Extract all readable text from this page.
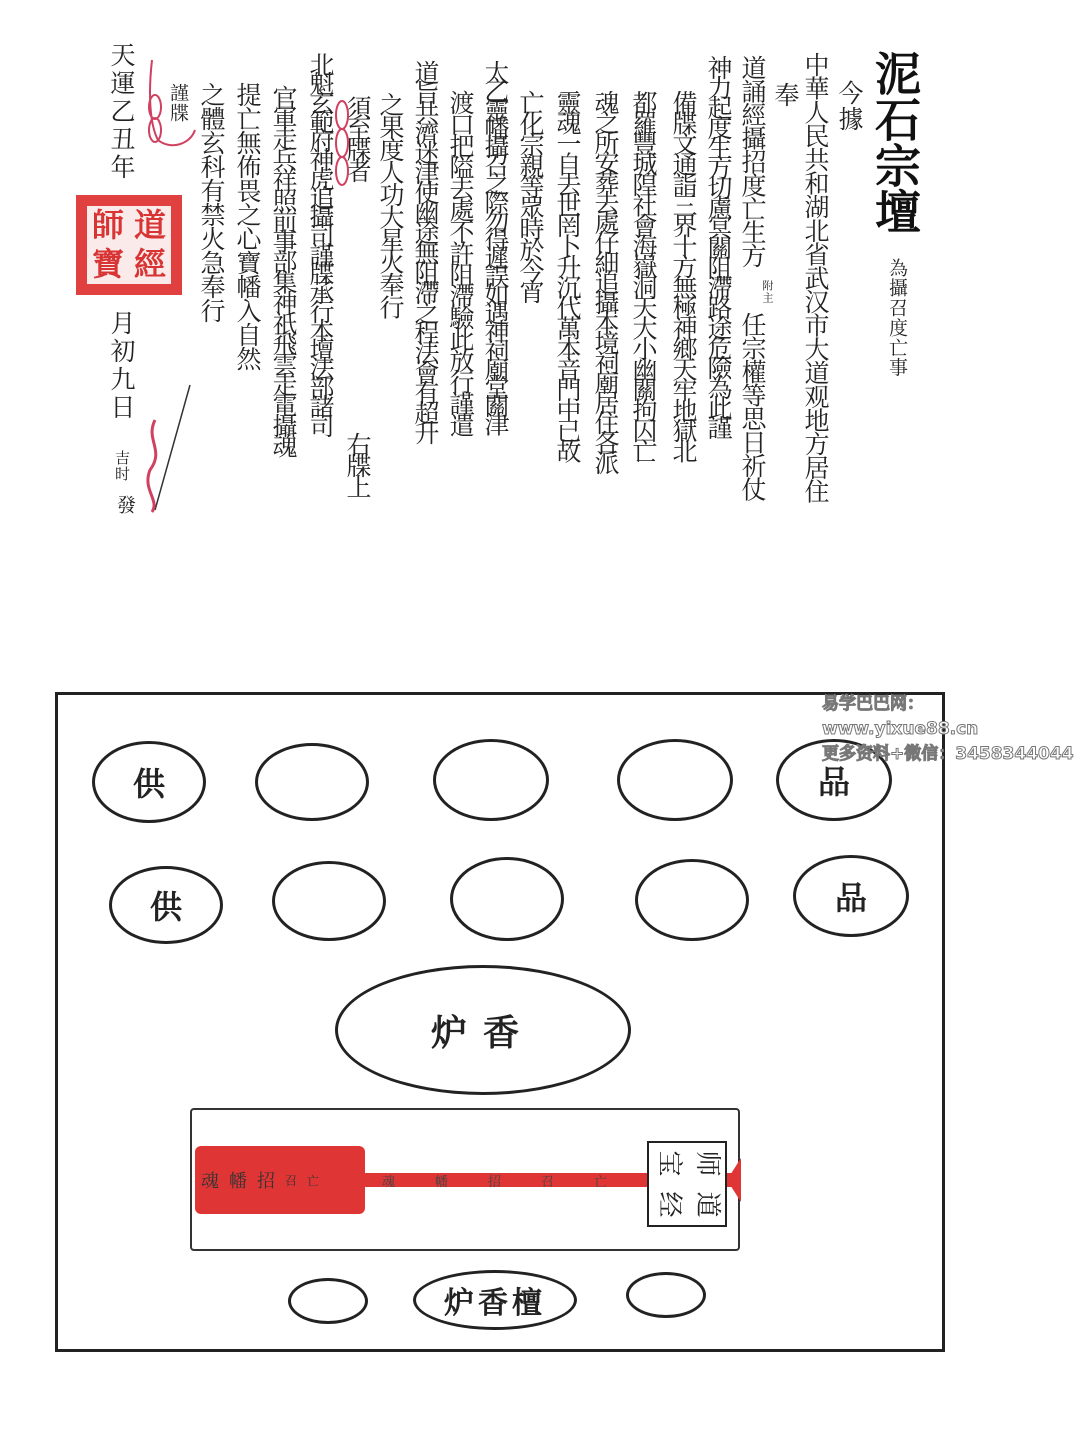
泥石宗壇
為攝召度亡事
今據
中華人民共和湖北省武汉市大道观地方居住
奉
道誦經攝招度亡生方
附主
任宗權等思日祈仗
神力起度生方切慮冥關阻滯路途危險為此謹
備牒文通詣三界十方無極神鄉天牢地獄北
都羅豐城隍社會海嶽洞天大小幽關拘囚亡
魂之所安葬去處仔細追攝本境祠廟居住各派
靈魂一自去世罔卜升沉代萬本音門中已故
亡化宗親等眾時於今宵
太乙靈幡攝召之際勿得遲誤如遇神祠廟堂關津
渡口把隘去處不許阻滯驗此放行謹遣
道旨共濟迷津使幽途無阻滯之程法會有超升
之果度人功大星火奉行
須至牒者
右牒上
北魁玄範府神虎追攝司謹牒承行本壇法部諸司
官軍走兵祥照前事部集神祇飛雲走電攝魂
提亡無佈畏之心寶幡入自然
之體玄科有禁火急奉行
謹牒
天運乙丑年月初九日
吉时
發
道
師
經
寶
供	品
供	品
炉香
魂 幡 招 召 亡	魂	幡	招	召	亡
师
道
宝
经
炉香檀
易学巴巴网：www.yixue88.cn
更多资料+微信：3458344044
